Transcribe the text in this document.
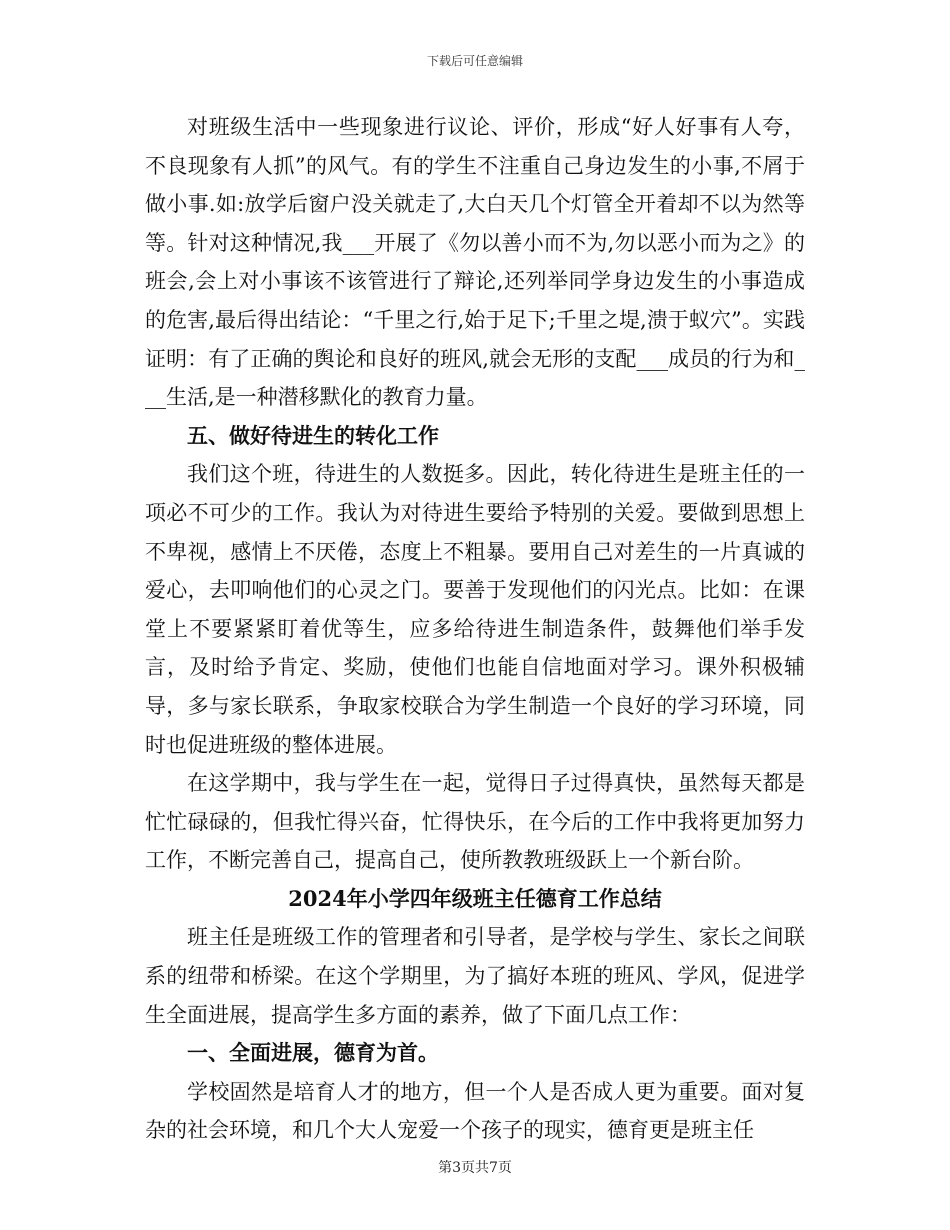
下载后可任意编辑

对班级生活中一些现象进行议论、评价，形成“好人好事有人夸，不良现象有人抓”的风气。有的学生不注重自己身边发生的小事,不屑于做小事.如:放学后窗户没关就走了,大白天几个灯管全开着却不以为然等等。针对这种情况,我___开展了《勿以善小而不为,勿以恶小而为之》的班会,会上对小事该不该管进行了辩论,还列举同学身边发生的小事造成的危害,最后得出结论：“千里之行,始于足下;千里之堤,溃于蚁穴”。实践证明：有了正确的舆论和良好的班风,就会无形的支配___成员的行为和___生活,是一种潜移默化的教育力量。

五、做好待进生的转化工作

我们这个班，待进生的人数挺多。因此，转化待进生是班主任的一项必不可少的工作。我认为对待进生要给予特别的关爱。要做到思想上不卑视，感情上不厌倦，态度上不粗暴。要用自己对差生的一片真诚的爱心，去叩响他们的心灵之门。要善于发现他们的闪光点。比如：在课堂上不要紧紧盯着优等生，应多给待进生制造条件，鼓舞他们举手发言，及时给予肯定、奖励，使他们也能自信地面对学习。课外积极辅导，多与家长联系，争取家校联合为学生制造一个良好的学习环境，同时也促进班级的整体进展。

在这学期中，我与学生在一起，觉得日子过得真快，虽然每天都是忙忙碌碌的，但我忙得兴奋，忙得快乐，在今后的工作中我将更加努力工作，不断完善自己，提高自己，使所教教班级跃上一个新台阶。

2024年小学四年级班主任德育工作总结

班主任是班级工作的管理者和引导者，是学校与学生、家长之间联系的纽带和桥梁。在这个学期里，为了搞好本班的班风、学风，促进学生全面进展，提高学生多方面的素养，做了下面几点工作：

一、全面进展，德育为首。

学校固然是培育人才的地方，但一个人是否成人更为重要。面对复杂的社会环境，和几个大人宠爱一个孩子的现实，德育更是班主任

第3页共7页
